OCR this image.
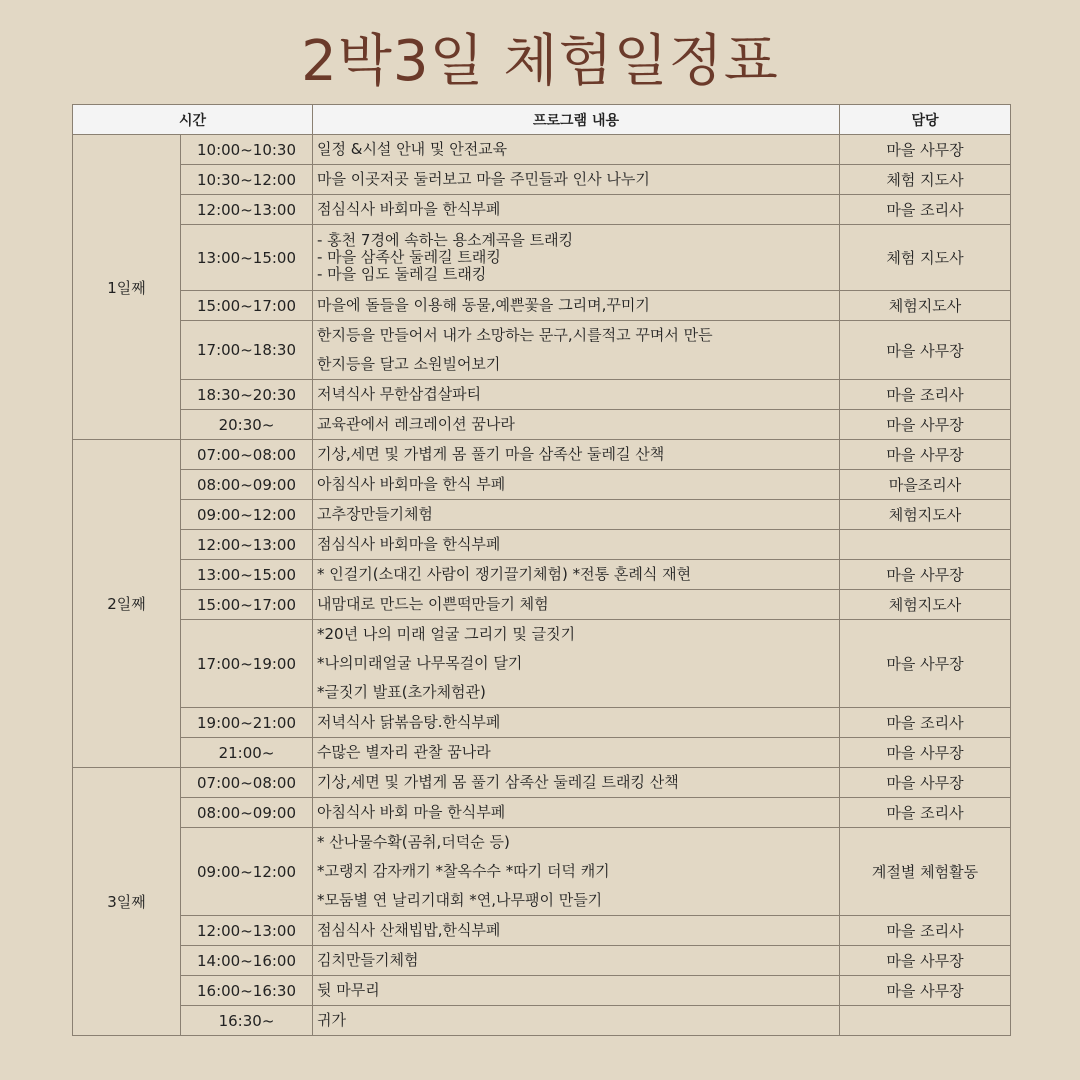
2박3일 체험일정표
시간		프로그램 내용	담당
1일째	10:00~10:30	일정 &시설 안내 및 안전교육	마을 사무장
	10:30~12:00	마을 이곳저곳 둘러보고 마을 주민들과 인사 나누기	체험 지도사
	12:00~13:00	점심식사 바회마을 한식부페	마을 조리사
	13:00~15:00	- 홍천 7경에 속하는 용소계곡을 트래킹
- 마을 삼족산 둘레길 트래킹
- 마을 임도 둘레길 트래킹	체험 지도사
	15:00~17:00	마을에 돌들을 이용해 동물,예쁜꽃을 그리며,꾸미기	체험지도사
	17:00~18:30	한지등을 만들어서 내가 소망하는 문구,시를적고 꾸며서 만든
한지등을 달고 소원빌어보기	마을 사무장
	18:30~20:30	저녁식사 무한삼겹살파티	마을 조리사
	20:30~	교육관에서 레크레이션 꿈나라	마을 사무장
2일째	07:00~08:00	기상,세면 및 가볍게 몸 풀기 마을 삼족산 둘레길 산책	마을 사무장
	08:00~09:00	아침식사 바회마을 한식 부페	마을조리사
	09:00~12:00	고추장만들기체험	체험지도사
	12:00~13:00	점심식사 바회마을 한식부페	

	13:00~15:00	* 인걸기(소대긴 사람이 쟁기끌기체험) *전통 혼례식 재현	마을 사무장
	15:00~17:00	내맘대로 만드는 이쁜떡만들기 체험	체험지도사
	17:00~19:00	*20년 나의 미래 얼굴 그리기 및 글짓기
*나의미래얼굴 나무목걸이 달기
*글짓기 발표(초가체험관)	마을 사무장
	19:00~21:00	저녁식사 닭볶음탕.한식부페	마을 조리사
	21:00~	수많은 별자리 관찰 꿈나라	마을 사무장
3일째	07:00~08:00	기상,세면 및 가볍게 몸 풀기 삼족산 둘레길 트래킹 산책	마을 사무장
	08:00~09:00	아침식사 바회 마을 한식부페	마을 조리사
	09:00~12:00	* 산나물수확(곰취,더덕순 등)
*고랭지 감자캐기 *찰옥수수 *따기 더덕 캐기
*모둠별 연 날리기대회 *연,나무팽이 만들기	계절별 체험활동
	12:00~13:00	점심식사 산채빕밥,한식부페	마을 조리사
	14:00~16:00	김치만들기체험	마을 사무장
	16:00~16:30	뒷 마무리	마을 사무장
	16:30~	귀가	
